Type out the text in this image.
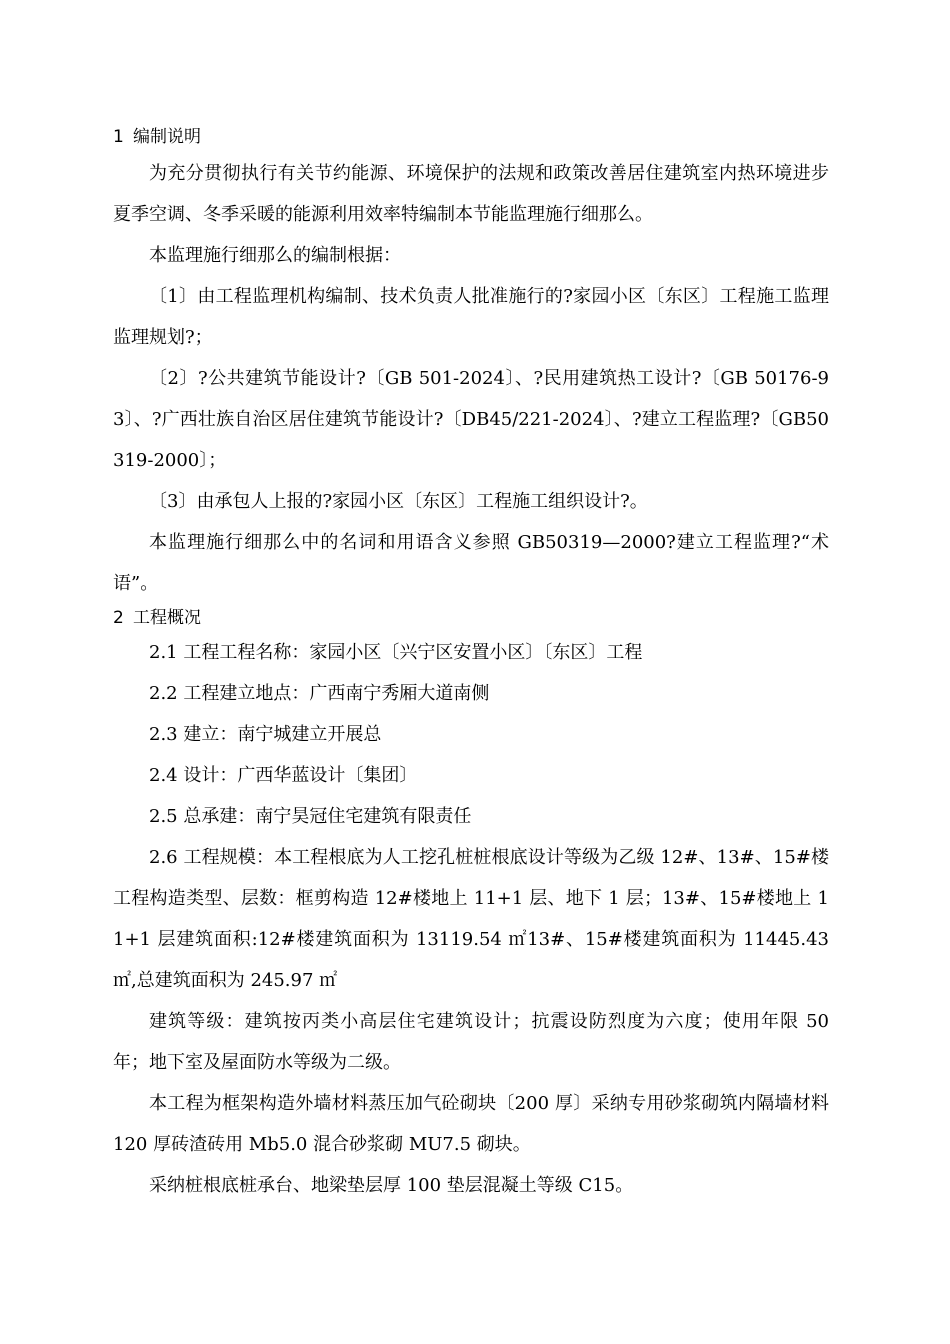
1 编制说明

为充分贯彻执行有关节约能源、环境保护的法规和政策改善居住建筑室内热环境进步夏季空调、冬季采暖的能源利用效率特编制本节能监理施行细那么。

本监理施行细那么的编制根据：

〔1〕由工程监理机构编制、技术负责人批准施行的?家园小区〔东区〕工程施工监理监理规划?；

〔2〕?公共建筑节能设计?〔GB 501-2024〕、?民用建筑热工设计?〔GB 50176-93〕、?广西壮族自治区居住建筑节能设计?〔DB45/221-2024〕、?建立工程监理?〔GB50319-2000〕；

〔3〕由承包人上报的?家园小区〔东区〕工程施工组织设计?。

本监理施行细那么中的名词和用语含义参照 GB50319—2000?建立工程监理?“术语”。

2 工程概况

2.1 工程工程名称：家园小区〔兴宁区安置小区〕〔东区〕工程

2.2 工程建立地点：广西南宁秀厢大道南侧

2.3 建立：南宁城建立开展总

2.4 设计：广西华蓝设计〔集团〕

2.5 总承建：南宁昊冠住宅建筑有限责任

2.6 工程规模：本工程根底为人工挖孔桩桩根底设计等级为乙级 12#、13#、15#楼工程构造类型、层数：框剪构造 12#楼地上 11+1 层、地下 1 层；13#、15#楼地上 11+1 层建筑面积:12#楼建筑面积为 13119.54 ㎡13#、15#楼建筑面积为 11445.43㎡,总建筑面积为 245.97 ㎡

建筑等级：建筑按丙类小高层住宅建筑设计；抗震设防烈度为六度；使用年限 50 年；地下室及屋面防水等级为二级。

本工程为框架构造外墙材料蒸压加气砼砌块〔200 厚〕采纳专用砂浆砌筑内隔墙材料 120 厚砖渣砖用 Mb5.0 混合砂浆砌 MU7.5 砌块。

采纳桩根底桩承台、地梁垫层厚 100 垫层混凝土等级 C15。
